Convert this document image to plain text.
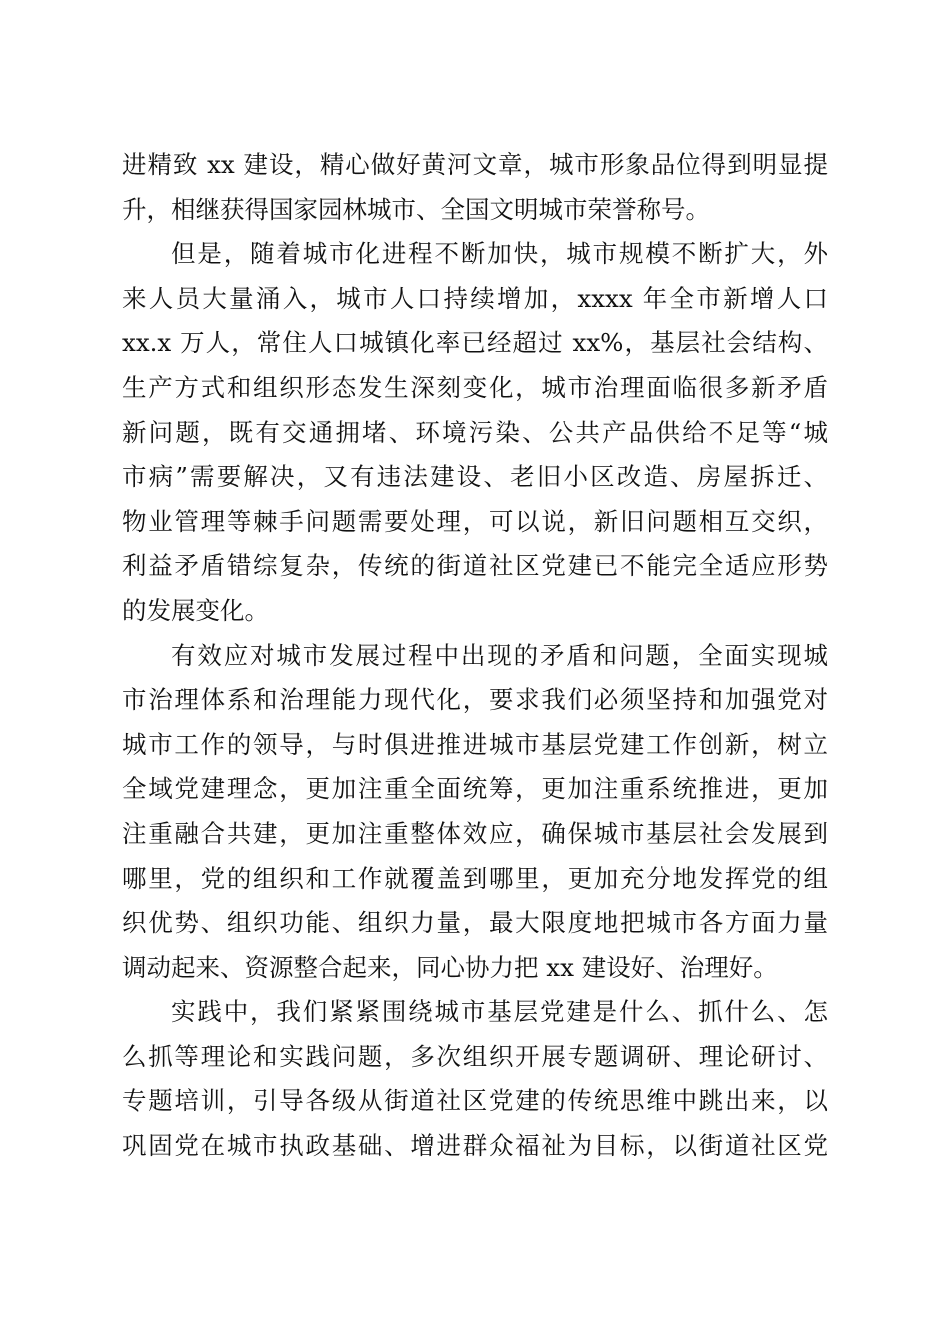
进精致 xx 建设，精心做好黄河文章，城市形象品位得到明显提
升，相继获得国家园林城市、全国文明城市荣誉称号。
但是，随着城市化进程不断加快，城市规模不断扩大，外
来人员大量涌入，城市人口持续增加，xxxx 年全市新增人口
xx.x 万人，常住人口城镇化率已经超过 xx%，基层社会结构、
生产方式和组织形态发生深刻变化，城市治理面临很多新矛盾
新问题，既有交通拥堵、环境污染、公共产品供给不足等“城
市病”需要解决，又有违法建设、老旧小区改造、房屋拆迁、
物业管理等棘手问题需要处理，可以说，新旧问题相互交织，
利益矛盾错综复杂，传统的街道社区党建已不能完全适应形势
的发展变化。
有效应对城市发展过程中出现的矛盾和问题，全面实现城
市治理体系和治理能力现代化，要求我们必须坚持和加强党对
城市工作的领导，与时俱进推进城市基层党建工作创新，树立
全域党建理念，更加注重全面统筹，更加注重系统推进，更加
注重融合共建，更加注重整体效应，确保城市基层社会发展到
哪里，党的组织和工作就覆盖到哪里，更加充分地发挥党的组
织优势、组织功能、组织力量，最大限度地把城市各方面力量
调动起来、资源整合起来，同心协力把 xx 建设好、治理好。
实践中，我们紧紧围绕城市基层党建是什么、抓什么、怎
么抓等理论和实践问题，多次组织开展专题调研、理论研讨、
专题培训，引导各级从街道社区党建的传统思维中跳出来，以
巩固党在城市执政基础、增进群众福祉为目标，以街道社区党
